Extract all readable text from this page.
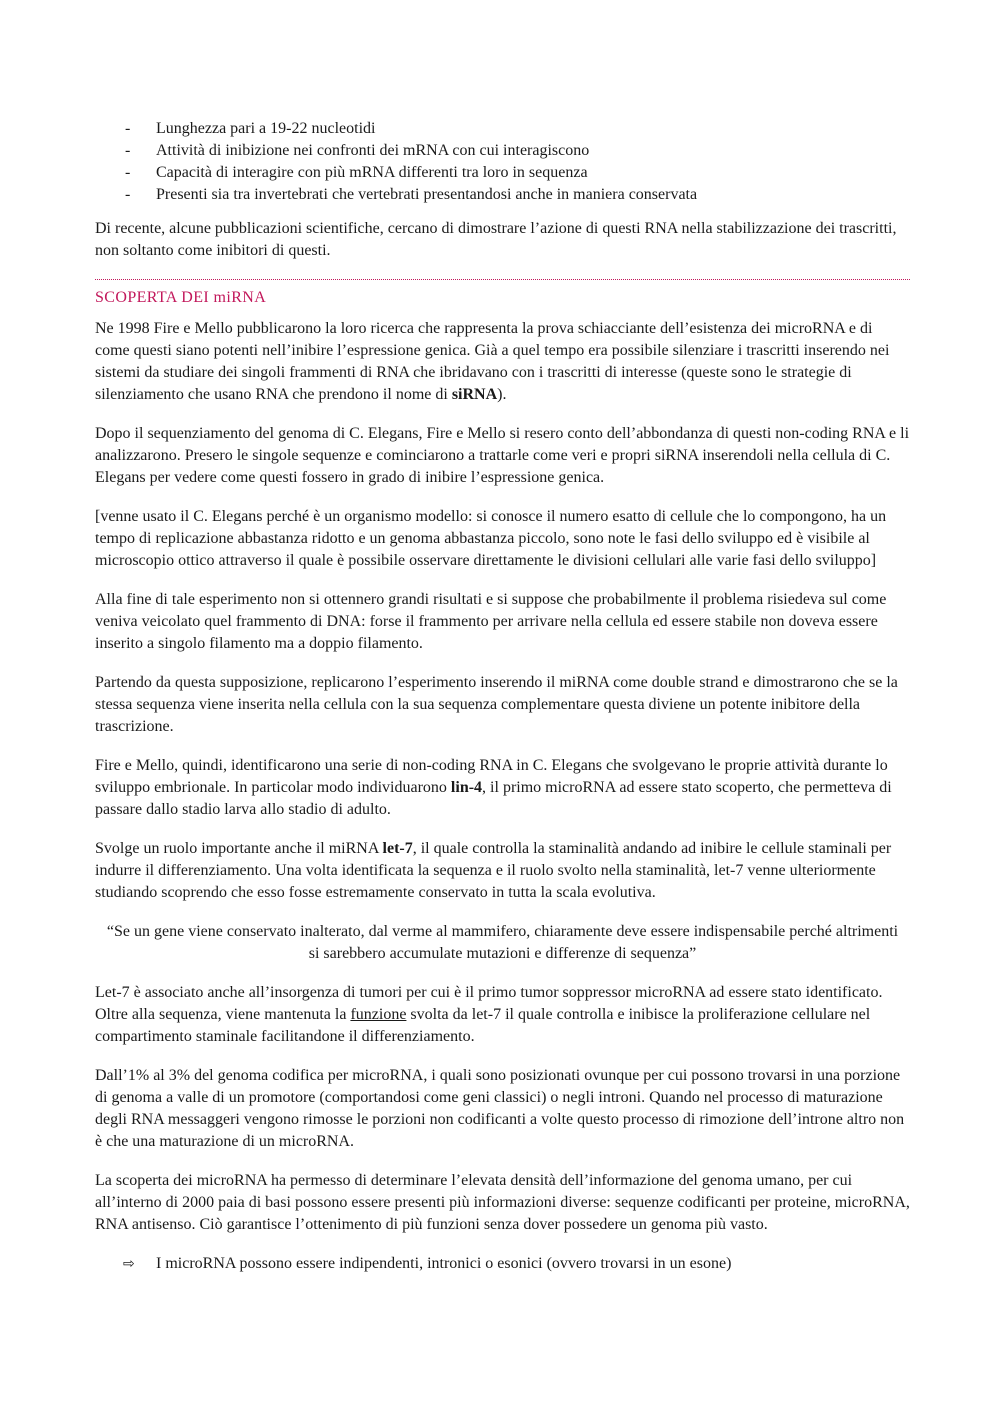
- Lunghezza pari a 19-22 nucleotidi
- Attività di inibizione nei confronti dei mRNA con cui interagiscono
- Capacità di interagire con più mRNA differenti tra loro in sequenza
- Presenti sia tra invertebrati che vertebrati presentandosi anche in maniera conservata

Di recente, alcune pubblicazioni scientifiche, cercano di dimostrare l’azione di questi RNA nella stabilizzazione dei trascritti, non soltanto come inibitori di questi.

SCOPERTA DEI miRNA

Ne 1998 Fire e Mello pubblicarono la loro ricerca che rappresenta la prova schiacciante dell’esistenza dei microRNA e di come questi siano potenti nell’inibire l’espressione genica. Già a quel tempo era possibile silenziare i trascritti inserendo nei sistemi da studiare dei singoli frammenti di RNA che ibridavano con i trascritti di interesse (queste sono le strategie di silenziamento che usano RNA che prendono il nome di siRNA).

Dopo il sequenziamento del genoma di C. Elegans, Fire e Mello si resero conto dell’abbondanza di questi non-coding RNA e li analizzarono. Presero le singole sequenze e cominciarono a trattarle come veri e propri siRNA inserendoli nella cellula di C. Elegans per vedere come questi fossero in grado di inibire l’espressione genica.

[venne usato il C. Elegans perché è un organismo modello: si conosce il numero esatto di cellule che lo compongono, ha un tempo di replicazione abbastanza ridotto e un genoma abbastanza piccolo, sono note le fasi dello sviluppo ed è visibile al microscopio ottico attraverso il quale è possibile osservare direttamente le divisioni cellulari alle varie fasi dello sviluppo]

Alla fine di tale esperimento non si ottennero grandi risultati e si suppose che probabilmente il problema risiedeva sul come veniva veicolato quel frammento di DNA: forse il frammento per arrivare nella cellula ed essere stabile non doveva essere inserito a singolo filamento ma a doppio filamento.

Partendo da questa supposizione, replicarono l’esperimento inserendo il miRNA come double strand e dimostrarono che se la stessa sequenza viene inserita nella cellula con la sua sequenza complementare questa diviene un potente inibitore della trascrizione.

Fire e Mello, quindi, identificarono una serie di non-coding RNA in C. Elegans che svolgevano le proprie attività durante lo sviluppo embrionale. In particolar modo individuarono lin-4, il primo microRNA ad essere stato scoperto, che permetteva di passare dallo stadio larva allo stadio di adulto.

Svolge un ruolo importante anche il miRNA let-7, il quale controlla la staminalità andando ad inibire le cellule staminali per indurre il differenziamento. Una volta identificata la sequenza e il ruolo svolto nella staminalità, let-7 venne ulteriormente studiando scoprendo che esso fosse estremamente conservato in tutta la scala evolutiva.

“Se un gene viene conservato inalterato, dal verme al mammifero, chiaramente deve essere indispensabile perché altrimenti si sarebbero accumulate mutazioni e differenze di sequenza”

Let-7 è associato anche all’insorgenza di tumori per cui è il primo tumor soppressor microRNA ad essere stato identificato. Oltre alla sequenza, viene mantenuta la funzione svolta da let-7 il quale controlla e inibisce la proliferazione cellulare nel compartimento staminale facilitandone il differenziamento.

Dall’1% al 3% del genoma codifica per microRNA, i quali sono posizionati ovunque per cui possono trovarsi in una porzione di genoma a valle di un promotore (comportandosi come geni classici) o negli introni. Quando nel processo di maturazione degli RNA messaggeri vengono rimosse le porzioni non codificanti a volte questo processo di rimozione dell’introne altro non è che una maturazione di un microRNA.

La scoperta dei microRNA ha permesso di determinare l’elevata densità dell’informazione del genoma umano, per cui all’interno di 2000 paia di basi possono essere presenti più informazioni diverse: sequenze codificanti per proteine, microRNA, RNA antisenso. Ciò garantisce l’ottenimento di più funzioni senza dover possedere un genoma più vasto.

⇨ I microRNA possono essere indipendenti, intronici o esonici (ovvero trovarsi in un esone)
